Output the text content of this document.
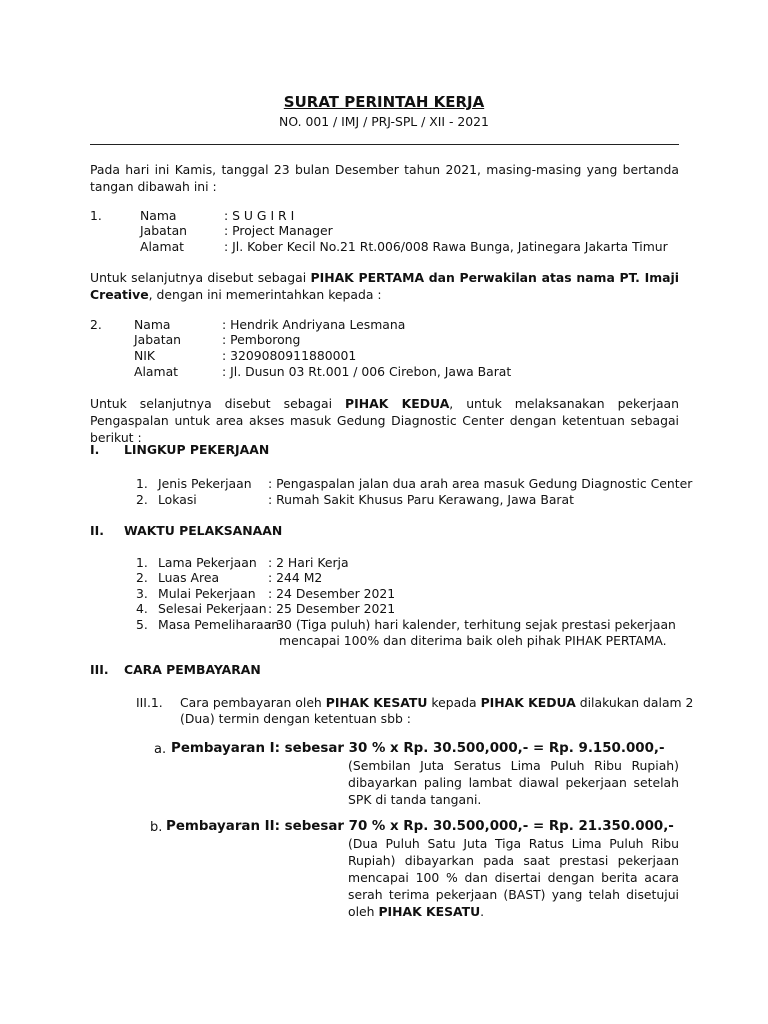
SURAT PERINTAH KERJA
NO. 001 / IMJ / PRJ-SPL / XII - 2021
Pada hari ini Kamis, tanggal 23 bulan Desember tahun 2021, masing-masing yang bertanda tangan dibawah ini :
1.	Nama	: S U G I R I
Jabatan	: Project Manager
Alamat	: Jl. Kober Kecil No.21 Rt.006/008 Rawa Bunga, Jatinegara Jakarta Timur
Untuk selanjutnya disebut sebagai PIHAK PERTAMA dan Perwakilan atas nama PT. Imaji Creative, dengan ini memerintahkan kepada :
2.	Nama	: Hendrik Andriyana Lesmana
Jabatan	: Pemborong
NIK	: 3209080911880001
Alamat	: Jl. Dusun 03 Rt.001 / 006 Cirebon, Jawa Barat
Untuk selanjutnya disebut sebagai PIHAK KEDUA, untuk melaksanakan pekerjaan Pengaspalan untuk area akses masuk Gedung Diagnostic Center dengan ketentuan sebagai berikut :
I. LINGKUP PEKERJAAN
1. Jenis Pekerjaan : Pengaspalan jalan dua arah area masuk Gedung Diagnostic Center
2. Lokasi	: Rumah Sakit Khusus Paru Kerawang, Jawa Barat
II. WAKTU PELAKSANAAN
1. Lama Pekerjaan : 2 Hari Kerja
2. Luas Area	: 244 M2
3. Mulai Pekerjaan : 24 Desember 2021
4. Selesai Pekerjaan : 25 Desember 2021
5. Masa Pemeliharaan
: 30 (Tiga puluh) hari kalender, terhitung sejak prestasi pekerjaan
mencapai 100% dan diterima baik oleh pihak PIHAK PERTAMA.
III. CARA PEMBAYARAN
III.1. Cara pembayaran oleh PIHAK KESATU kepada PIHAK KEDUA dilakukan dalam 2
(Dua) termin dengan ketentuan sbb :
a. Pembayaran I: sebesar 30 % x Rp. 30.500,000,- = Rp. 9.150.000,-
(Sembilan Juta Seratus Lima Puluh Ribu Rupiah) dibayarkan paling lambat diawal pekerjaan setelah SPK di tanda tangani.
b. Pembayaran II: sebesar 70 % x Rp. 30.500,000,- = Rp. 21.350.000,-
(Dua Puluh Satu Juta Tiga Ratus Lima Puluh Ribu Rupiah) dibayarkan pada saat prestasi pekerjaan mencapai 100 % dan disertai dengan berita acara serah terima pekerjaan (BAST) yang telah disetujui oleh PIHAK KESATU.
